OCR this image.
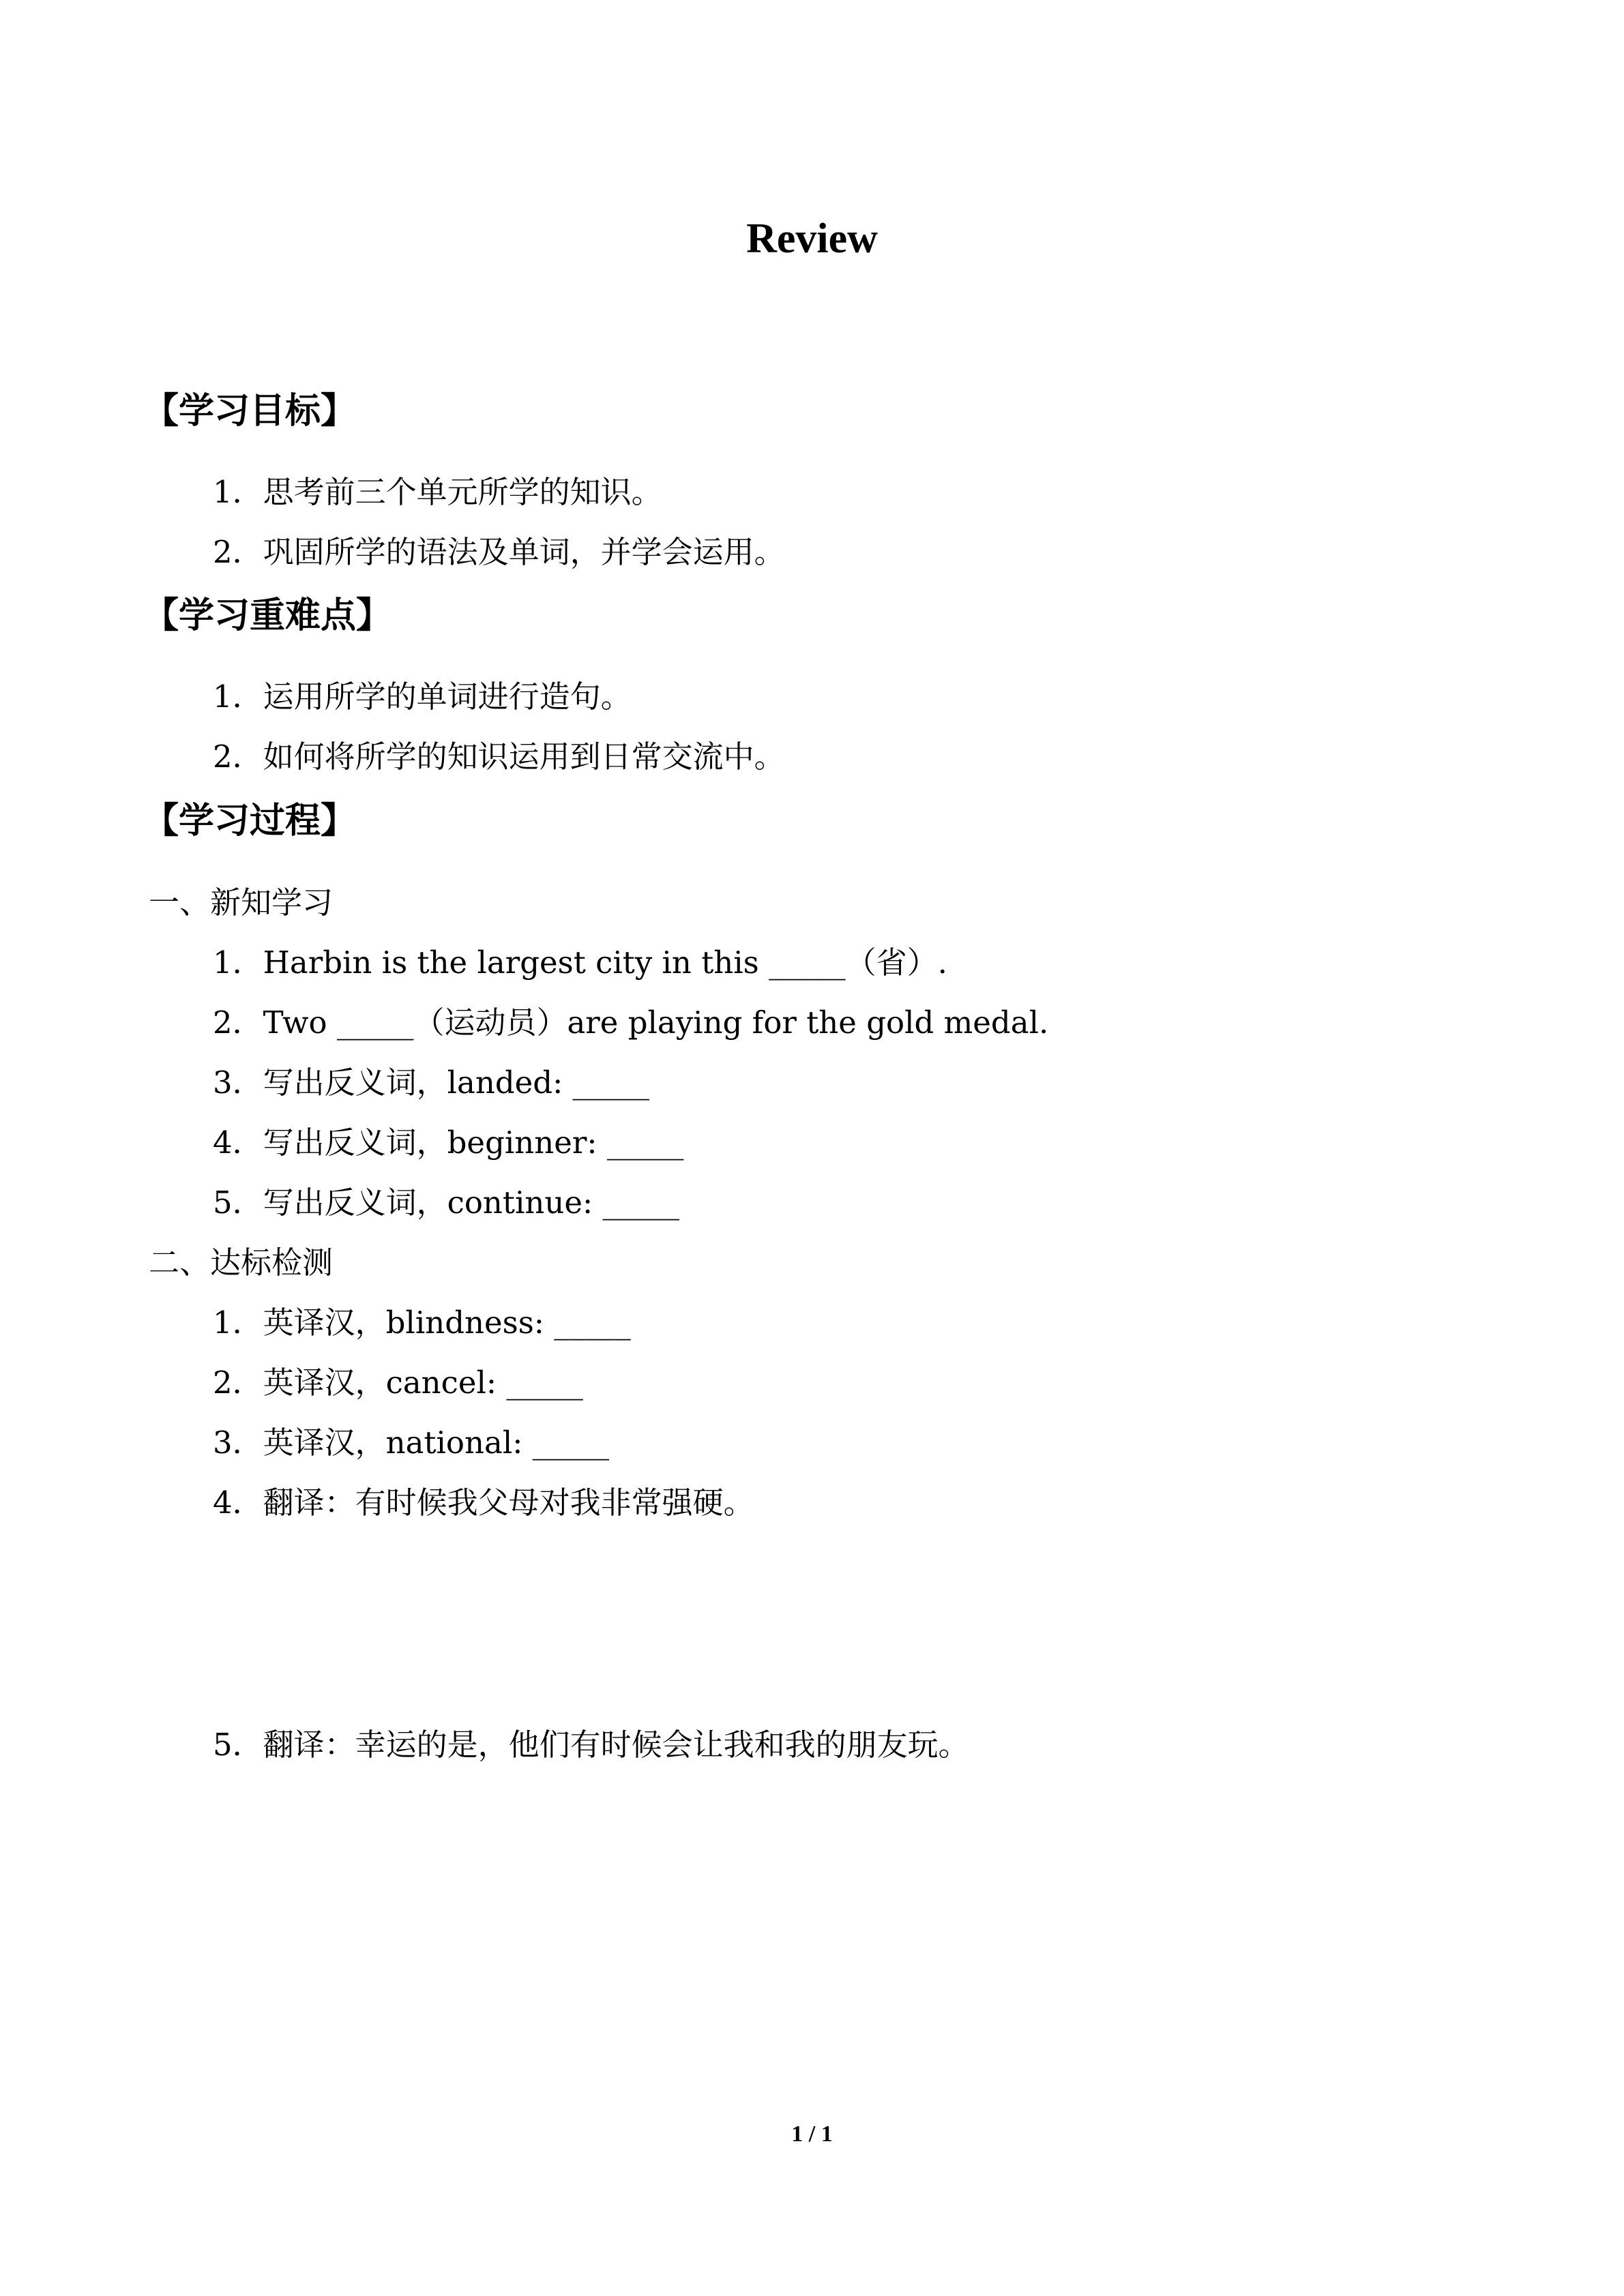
Review
【学习目标】
1．思考前三个单元所学的知识。
2．巩固所学的语法及单词，并学会运用。
【学习重难点】
1．运用所学的单词进行造句。
2．如何将所学的知识运用到日常交流中。
【学习过程】
一、新知学习
1．Harbin is the largest city in this _____（省）.
2．Two _____（运动员）are playing for the gold medal.
3．写出反义词，landed: _____
4．写出反义词，beginner: _____
5．写出反义词，continue: _____
二、达标检测
1．英译汉，blindness: _____
2．英译汉，cancel: _____
3．英译汉，national: _____
4．翻译：有时候我父母对我非常强硬。
5．翻译：幸运的是，他们有时候会让我和我的朋友玩。
1 / 1
